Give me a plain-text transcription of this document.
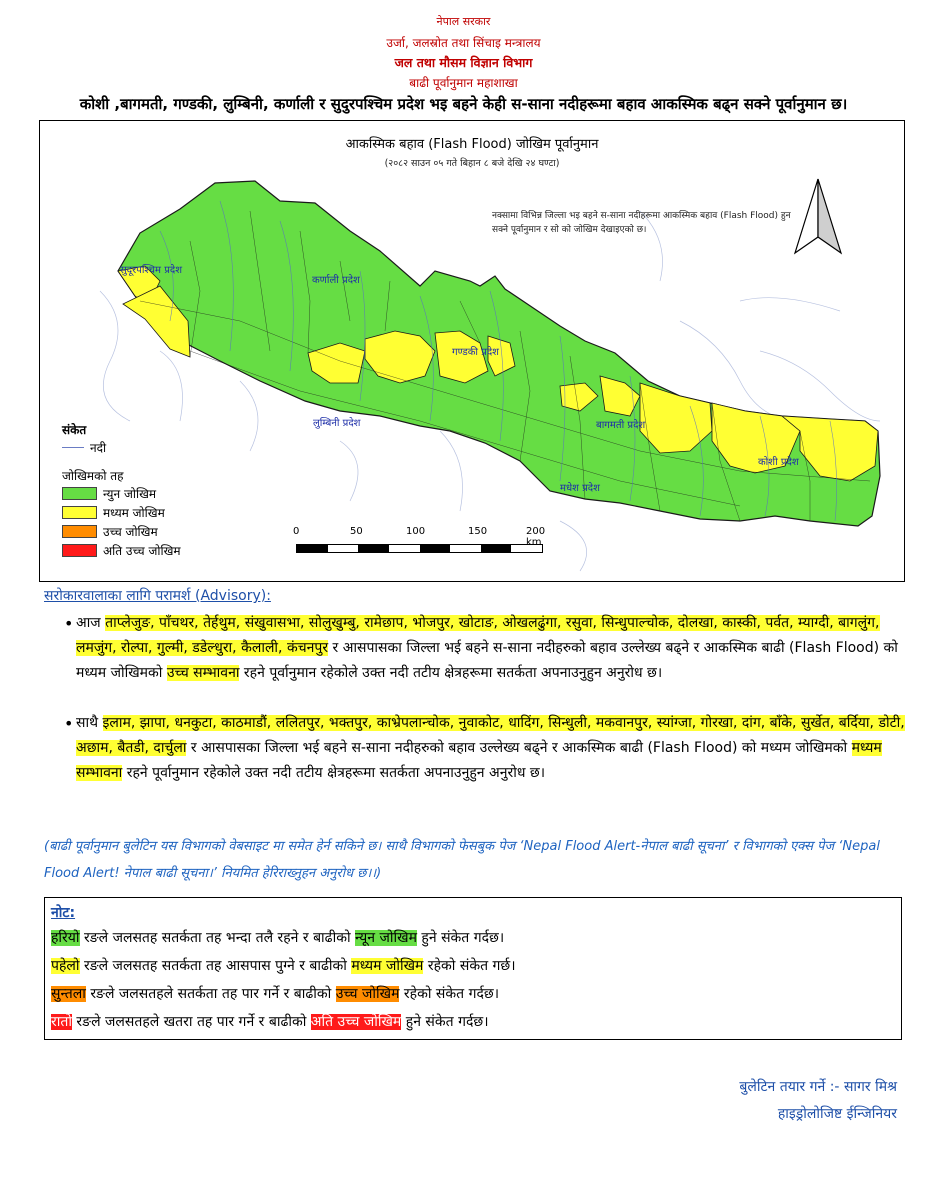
नेपाल सरकार
उर्जा, जलस्रोत तथा सिंचाइ मन्त्रालय
जल तथा मौसम विज्ञान विभाग
बाढी पूर्वानुमान महाशाखा
कोशी ,बागमती, गण्डकी, लुम्बिनी, कर्णाली र सुदुरपश्चिम प्रदेश भइ बहने केही स-साना नदीहरूमा बहाव आकस्मिक बढ्न सक्ने पूर्वानुमान छ।
सुदूरपश्चिम प्रदेश
कर्णाली प्रदेश
गण्डकी प्रदेश
लुम्बिनी प्रदेश	बागमती प्रदेश
मधेश प्रदेश
कोशी प्रदेश
आकस्मिक बहाव (Flash Flood) जोखिम पूर्वानुमान
(२०८२ साउन ०५ गते बिहान ८ बजे देखि २४ घण्टा)
नक्सामा विभिन्न जिल्ला भइ बहने स-साना नदीहरूमा आकस्मिक बहाव (Flash Flood) हुन सक्ने पूर्वानुमान र सो को जोखिम देखाइएको छ।
संकेत
नदी
जोखिमको तह
न्युन जोखिम
मध्यम जोखिम
उच्च जोखिम
अति उच्च जोखिम
0	50	100	150	200 km
सरोकारवालाका लागि परामर्श (Advisory):
• आज ताप्लेजुङ, पाँचथर, तेर्हथुम, संखुवासभा, सोलुखुम्बु, रामेछाप, भोजपुर, खोटाङ, ओखलढुंगा, रसुवा, सिन्धुपाल्चोक, दोलखा, कास्की, पर्वत, म्याग्दी, बागलुंग, लमजुंग, रोल्पा, गुल्मी, डडेल्धुरा, कैलाली, कंचनपुर र आसपासका जिल्ला भई बहने स-साना नदीहरुको बहाव उल्लेख्य बढ्ने र आकस्मिक बाढी (Flash Flood) को मध्यम जोखिमको उच्च सम्भावना रहने पूर्वानुमान रहेकोले उक्त नदी तटीय क्षेत्रहरूमा सतर्कता अपनाउनुहुन अनुरोध छ।
• साथै इलाम, झापा, धनकुटा, काठमाडौं, ललितपुर, भक्तपुर, काभ्रेपलान्चोक, नुवाकोट, धादिंग, सिन्धुली, मकवानपुर, स्यांग्जा, गोरखा, दांग, बाँके, सुर्खेत, बर्दिया, डोटी, अछाम, बैतडी, दार्चुला र आसपासका जिल्ला भई बहने स-साना नदीहरुको बहाव उल्लेख्य बढ्ने र आकस्मिक बाढी (Flash Flood) को मध्यम जोखिमको मध्यम सम्भावना रहने पूर्वानुमान रहेकोले उक्त नदी तटीय क्षेत्रहरूमा सतर्कता अपनाउनुहुन अनुरोध छ।
(बाढी पूर्वानुमान बुलेटिन यस विभागको वेबसाइट मा समेत हेर्न सकिने छ। साथै विभागको फेसबुक पेज ‘Nepal Flood Alert-नेपाल बाढी सूचना’ र विभागको एक्स पेज ‘Nepal Flood Alert! नेपाल बाढी सूचना।’ नियमित हेरिराख्नुहन अनुरोध छ।।)
नोट:
हरियो रङले जलसतह सतर्कता तह भन्दा तलै रहने र बाढीको न्यून जोखिम हुने संकेत गर्दछ।
पहेलो रङले जलसतह सतर्कता तह आसपास पुग्ने र बाढीको मध्यम जोखिम रहेको संकेत गर्छ।
सुन्तला रङले जलसतहले सतर्कता तह पार गर्ने र बाढीको उच्च जोखिम रहेको संकेत गर्दछ।
रातो रङले जलसतहले खतरा तह पार गर्ने र बाढीको अति उच्च जोखिम हुने संकेत गर्दछ।
बुलेटिन तयार गर्ने :- सागर मिश्र
हाइड्रोलोजिष्ट ईन्जिनियर
